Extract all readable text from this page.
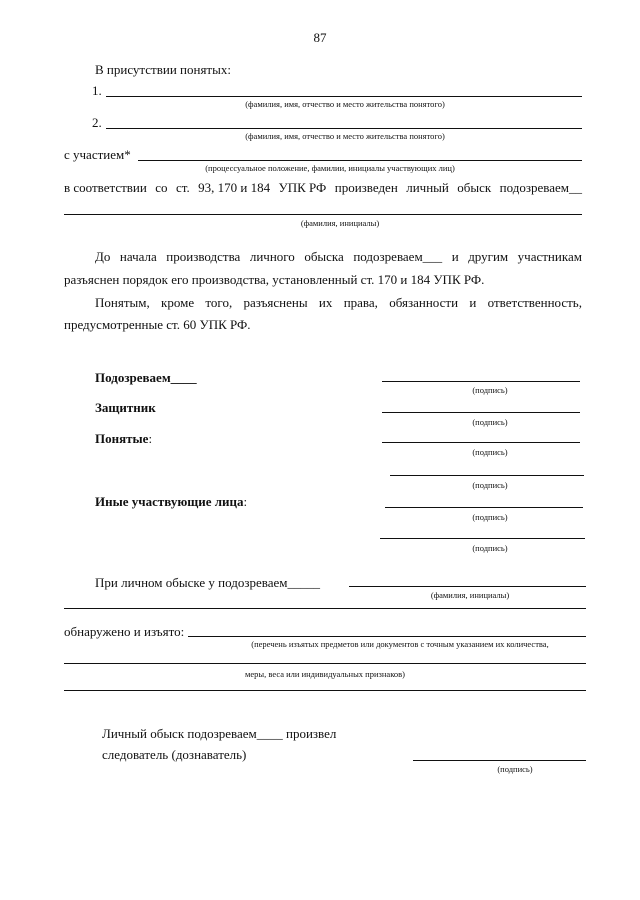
87
В присутствии понятых:
1.
(фамилия, имя, отчество и место жительства понятого)
2.
(фамилия, имя, отчество и место жительства понятого)
с участием*
(процессуальное положение, фамилии, инициалы участвующих лиц)
в соответствии со ст. 93, 170 и 184 УПК РФ произведен личный обыск подозреваем__
(фамилия, инициалы)
До начала производства личного обыска подозреваем___ и другим участникам
разъяснен порядок его производства, установленный ст. 170 и 184 УПК РФ.
Понятым, кроме того, разъяснены их права, обязанности и ответственность,
предусмотренные ст. 60 УПК РФ.
Подозреваем____
(подпись)
Защитник
(подпись)
Понятые:
(подпись)
(подпись)
Иные участвующие лица:
(подпись)
(подпись)
При личном обыске у подозреваем_____
(фамилия, инициалы)
обнаружено и изъято:
(перечень изъятых предметов или документов с точным указанием их количества,
меры, веса или индивидуальных признаков)
Личный обыск подозреваем____ произвел
следователь (дознаватель)
(подпись)
